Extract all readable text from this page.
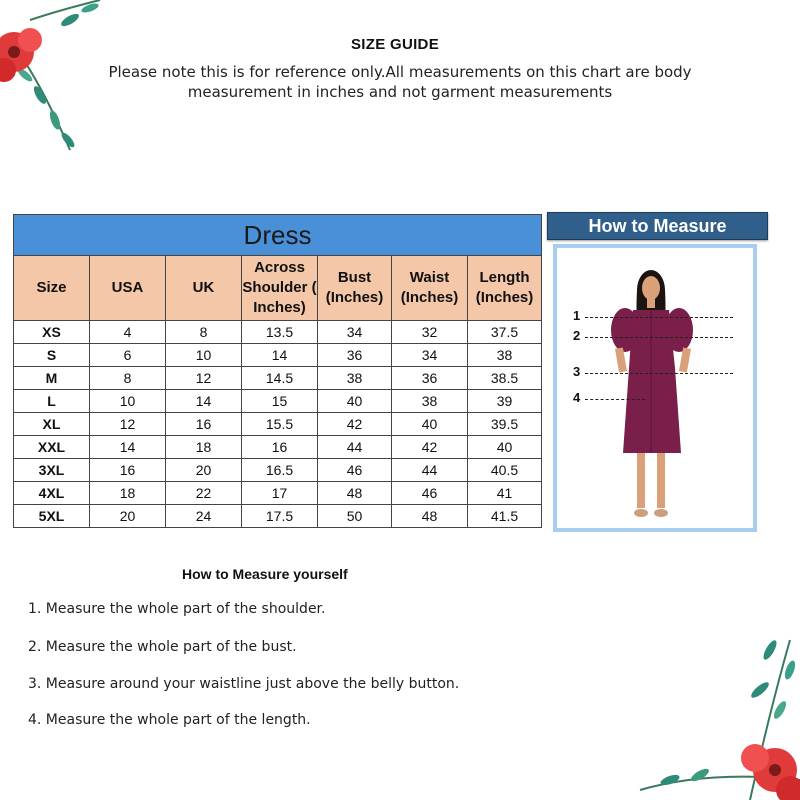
SIZE GUIDE
Please note this is for reference only.All measurements on this chart are body measurement in inches and not garment measurements
Dress						
Size	USA	UK	Across Shoulder ( Inches)	Bust (Inches)	Waist (Inches)	Length (Inches)
XS	4	8	13.5	34	32	37.5
S	6	10	14	36	34	38
M	8	12	14.5	38	36	38.5
L	10	14	15	40	38	39
XL	12	16	15.5	42	40	39.5
XXL	14	18	16	44	42	40
3XL	16	20	16.5	46	44	40.5
4XL	18	22	17	48	46	41
5XL	20	24	17.5	50	48	41.5
How to Measure
1
2
3
4
How to Measure yourself
1. Measure the whole part of the shoulder.
2. Measure the whole part of the bust.
3. Measure around your waistline just above the belly button.
4. Measure the whole part of the length.
